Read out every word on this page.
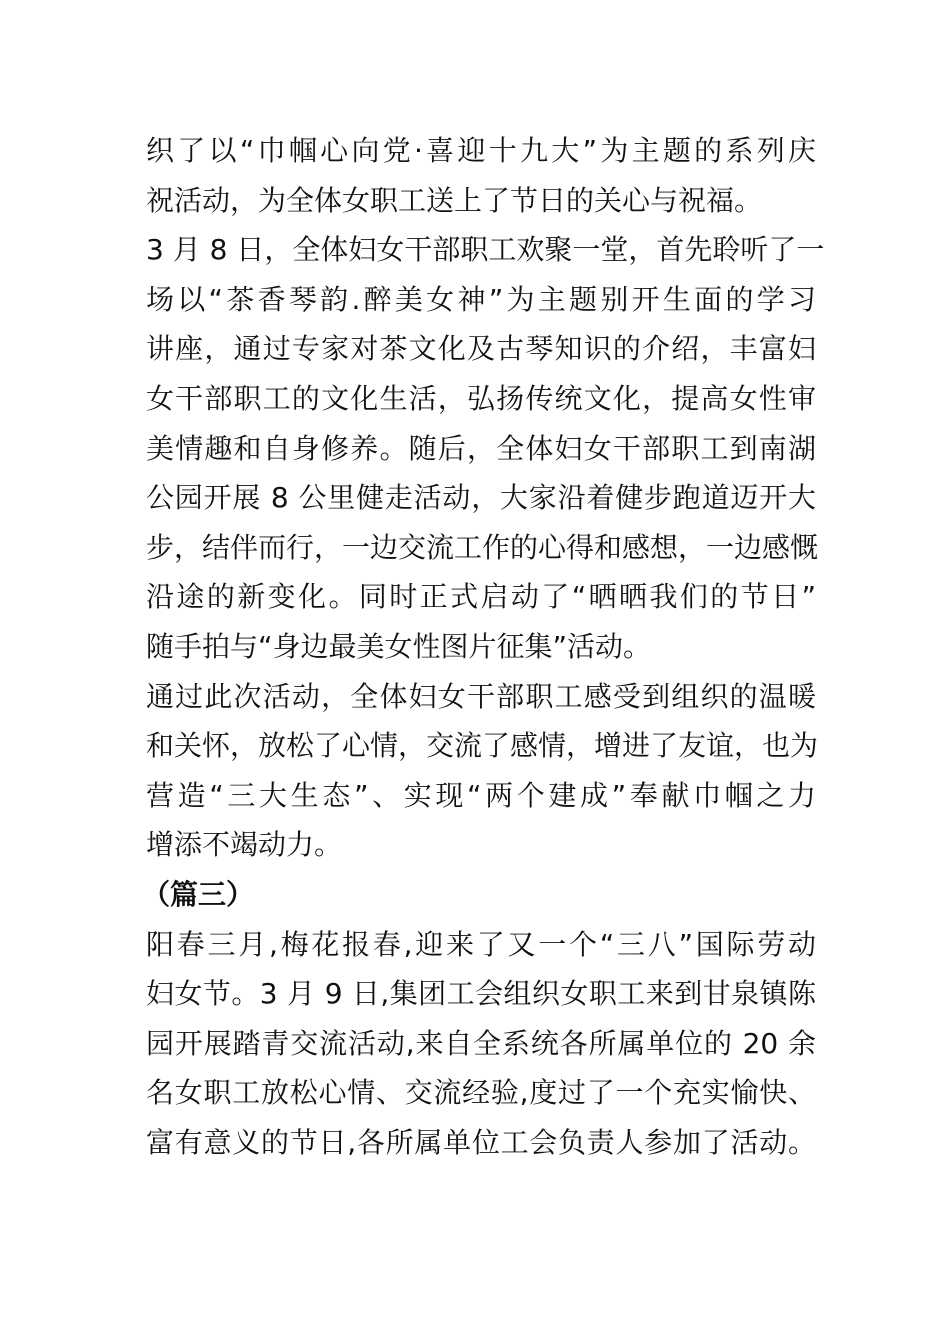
织了以“巾帼心向党·喜迎十九大”为主题的系列庆
祝活动，为全体女职工送上了节日的关心与祝福。
3 月 8 日，全体妇女干部职工欢聚一堂，首先聆听了一
场以“茶香琴韵.醉美女神”为主题别开生面的学习
讲座，通过专家对茶文化及古琴知识的介绍，丰富妇
女干部职工的文化生活，弘扬传统文化，提高女性审
美情趣和自身修养。随后，全体妇女干部职工到南湖
公园开展 8 公里健走活动，大家沿着健步跑道迈开大
步，结伴而行，一边交流工作的心得和感想，一边感慨
沿途的新变化。同时正式启动了“晒晒我们的节日”
随手拍与“身边最美女性图片征集”活动。
通过此次活动，全体妇女干部职工感受到组织的温暖
和关怀，放松了心情，交流了感情，增进了友谊，也为
营造“三大生态”、实现“两个建成”奉献巾帼之力
增添不竭动力。
（篇三）
阳春三月,梅花报春,迎来了又一个“三八”国际劳动
妇女节。3 月 9 日,集团工会组织女职工来到甘泉镇陈
园开展踏青交流活动,来自全系统各所属单位的 20 余
名女职工放松心情、交流经验,度过了一个充实愉快、
富有意义的节日,各所属单位工会负责人参加了活动。
